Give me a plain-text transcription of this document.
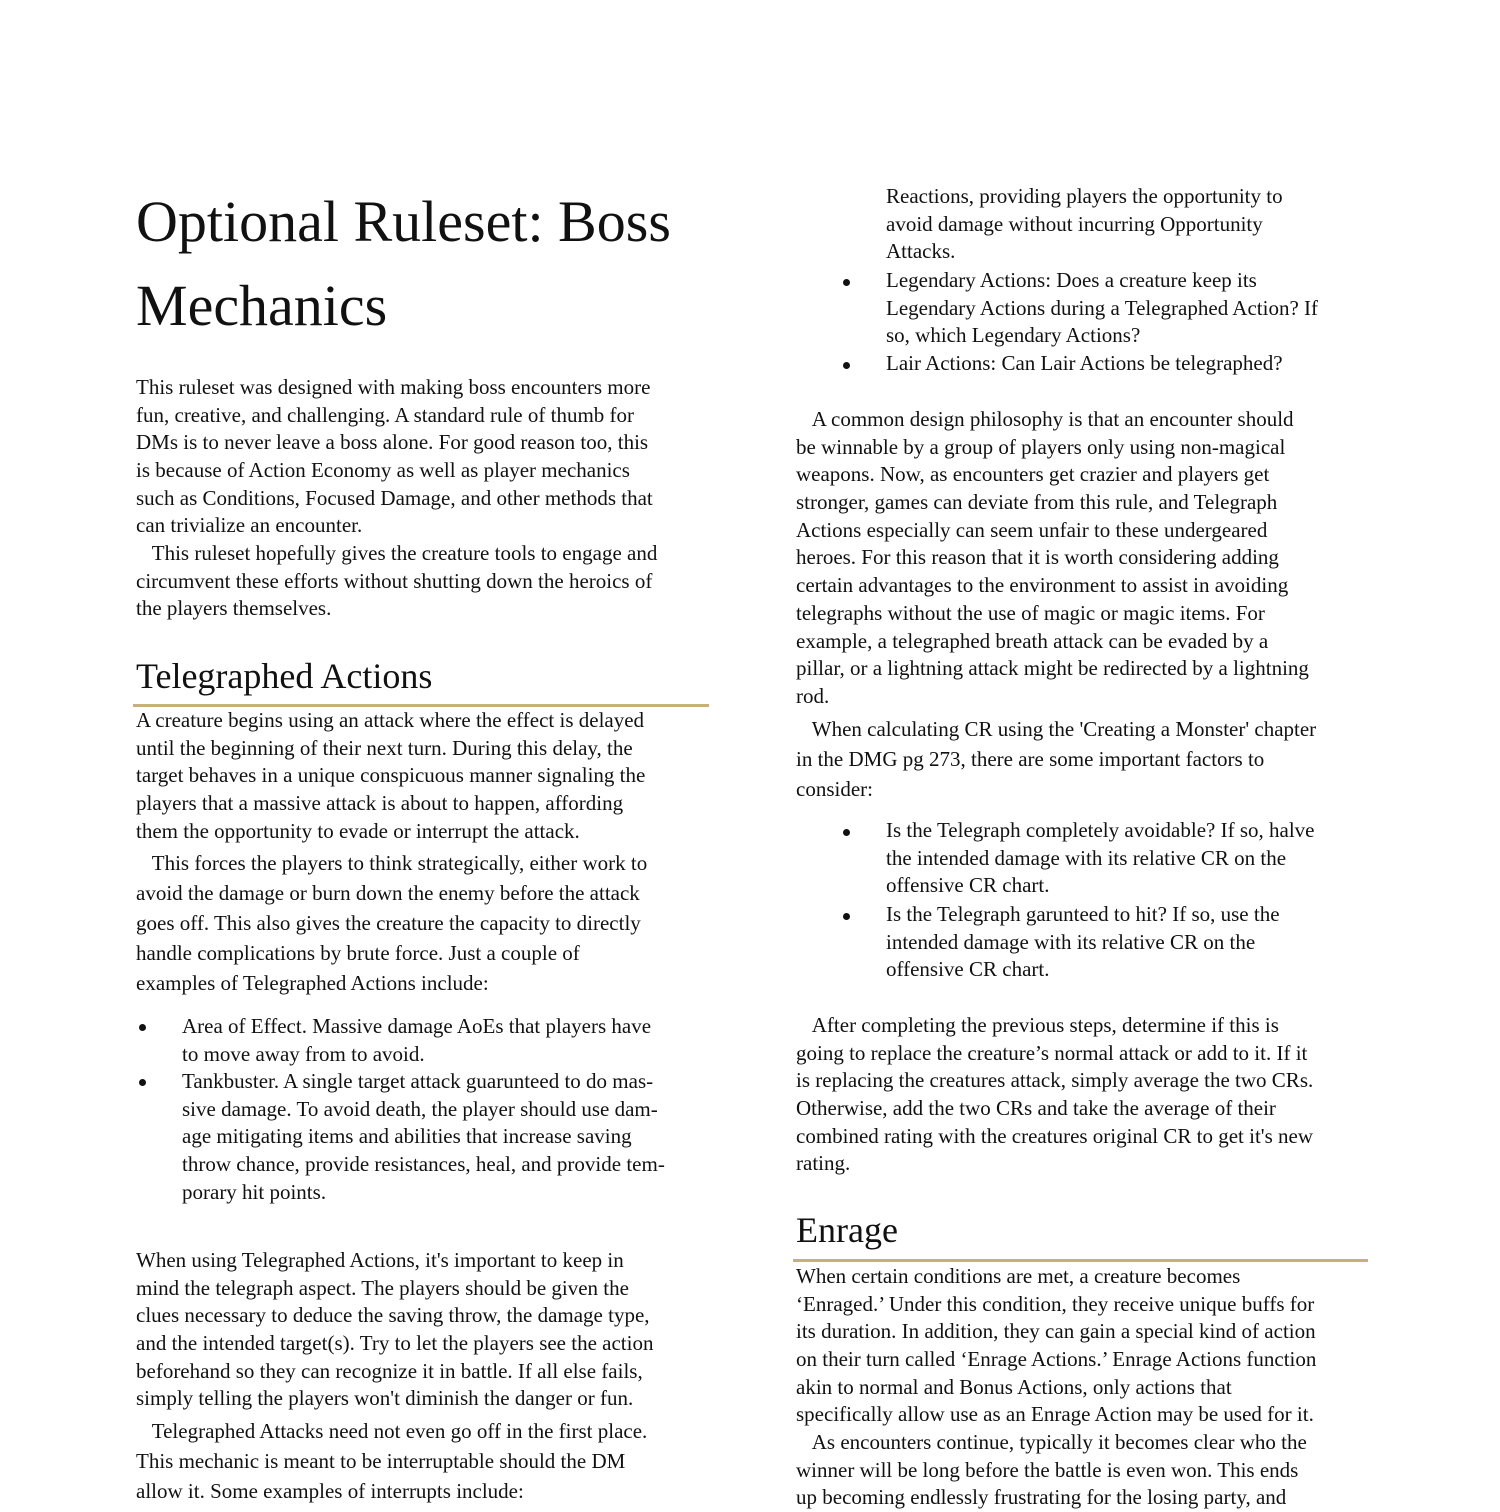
Optional Ruleset: Boss
Mechanics
This ruleset was designed with making boss encounters more
fun, creative, and challenging. A standard rule of thumb for
DMs is to never leave a boss alone. For good reason too, this
is because of Action Economy as well as player mechanics
such as Conditions, Focused Damage, and other methods that
can trivialize an encounter.
This ruleset hopefully gives the creature tools to engage and
circumvent these efforts without shutting down the heroics of
the players themselves.
Telegraphed Actions
A creature begins using an attack where the effect is delayed
until the beginning of their next turn. During this delay, the
target behaves in a unique conspicuous manner signaling the
players that a massive attack is about to happen, affording
them the opportunity to evade or interrupt the attack.
This forces the players to think strategically, either work to
avoid the damage or burn down the enemy before the attack
goes off. This also gives the creature the capacity to directly
handle complications by brute force. Just a couple of
examples of Telegraphed Actions include:
Area of Effect. Massive damage AoEs that players have
to move away from to avoid.
Tankbuster. A single target attack guarunteed to do mas-
sive damage. To avoid death, the player should use dam-
age mitigating items and abilities that increase saving
throw chance, provide resistances, heal, and provide tem-
porary hit points.
When using Telegraphed Actions, it's important to keep in
mind the telegraph aspect. The players should be given the
clues necessary to deduce the saving throw, the damage type,
and the intended target(s). Try to let the players see the action
beforehand so they can recognize it in battle. If all else fails,
simply telling the players won't diminish the danger or fun.
Telegraphed Attacks need not even go off in the first place.
This mechanic is meant to be interruptable should the DM
allow it. Some examples of interrupts include:
Reactions, providing players the opportunity to
avoid damage without incurring Opportunity
Attacks.
Legendary Actions: Does a creature keep its
Legendary Actions during a Telegraphed Action? If
so, which Legendary Actions?
Lair Actions: Can Lair Actions be telegraphed?
A common design philosophy is that an encounter should
be winnable by a group of players only using non-magical
weapons. Now, as encounters get crazier and players get
stronger, games can deviate from this rule, and Telegraph
Actions especially can seem unfair to these undergeared
heroes. For this reason that it is worth considering adding
certain advantages to the environment to assist in avoiding
telegraphs without the use of magic or magic items. For
example, a telegraphed breath attack can be evaded by a
pillar, or a lightning attack might be redirected by a lightning
rod.
When calculating CR using the 'Creating a Monster' chapter
in the DMG pg 273, there are some important factors to
consider:
Is the Telegraph completely avoidable? If so, halve
the intended damage with its relative CR on the
offensive CR chart.
Is the Telegraph garunteed to hit? If so, use the
intended damage with its relative CR on the
offensive CR chart.
After completing the previous steps, determine if this is
going to replace the creature’s normal attack or add to it. If it
is replacing the creatures attack, simply average the two CRs.
Otherwise, add the two CRs and take the average of their
combined rating with the creatures original CR to get it's new
rating.
Enrage
When certain conditions are met, a creature becomes
‘Enraged.’ Under this condition, they receive unique buffs for
its duration. In addition, they can gain a special kind of action
on their turn called ‘Enrage Actions.’ Enrage Actions function
akin to normal and Bonus Actions, only actions that
specifically allow use as an Enrage Action may be used for it.
As encounters continue, typically it becomes clear who the
winner will be long before the battle is even won. This ends
up becoming endlessly frustrating for the losing party, and
